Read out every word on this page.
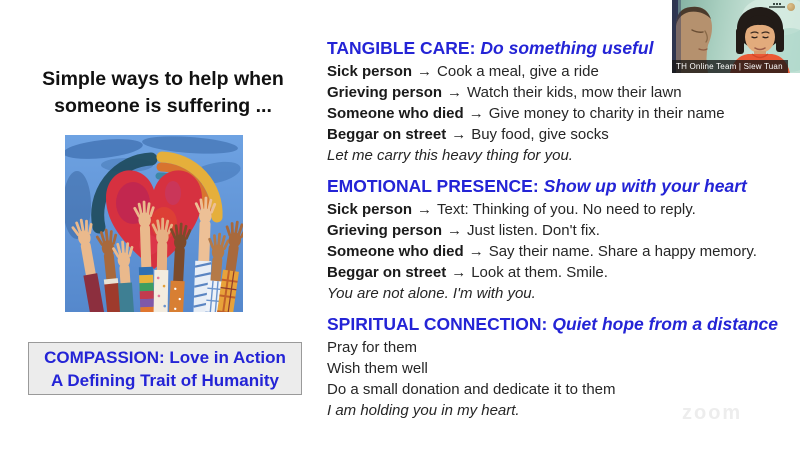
Simple ways to help when
someone is suffering ...
COMPASSION: Love in Action
A Defining Trait of Humanity
TANGIBLE CARE: Do something useful
Sick person → Cook a meal, give a ride
Grieving person → Watch their kids, mow their lawn
Someone who died → Give money to charity in their name
Beggar on street → Buy food, give socks
Let me carry this heavy thing for you.
EMOTIONAL PRESENCE: Show up with your heart
Sick person → Text: Thinking of you. No need to reply.
Grieving person → Just listen. Don't fix.
Someone who died → Say their name. Share a happy memory.
Beggar on street → Look at them. Smile.
You are not alone. I'm with you.
SPIRITUAL CONNECTION: Quiet hope from a distance
Pray for them
Wish them well
Do a small donation and dedicate it to them
I am holding you in my heart.
TH Online Team | Siew Tuan
zoom
